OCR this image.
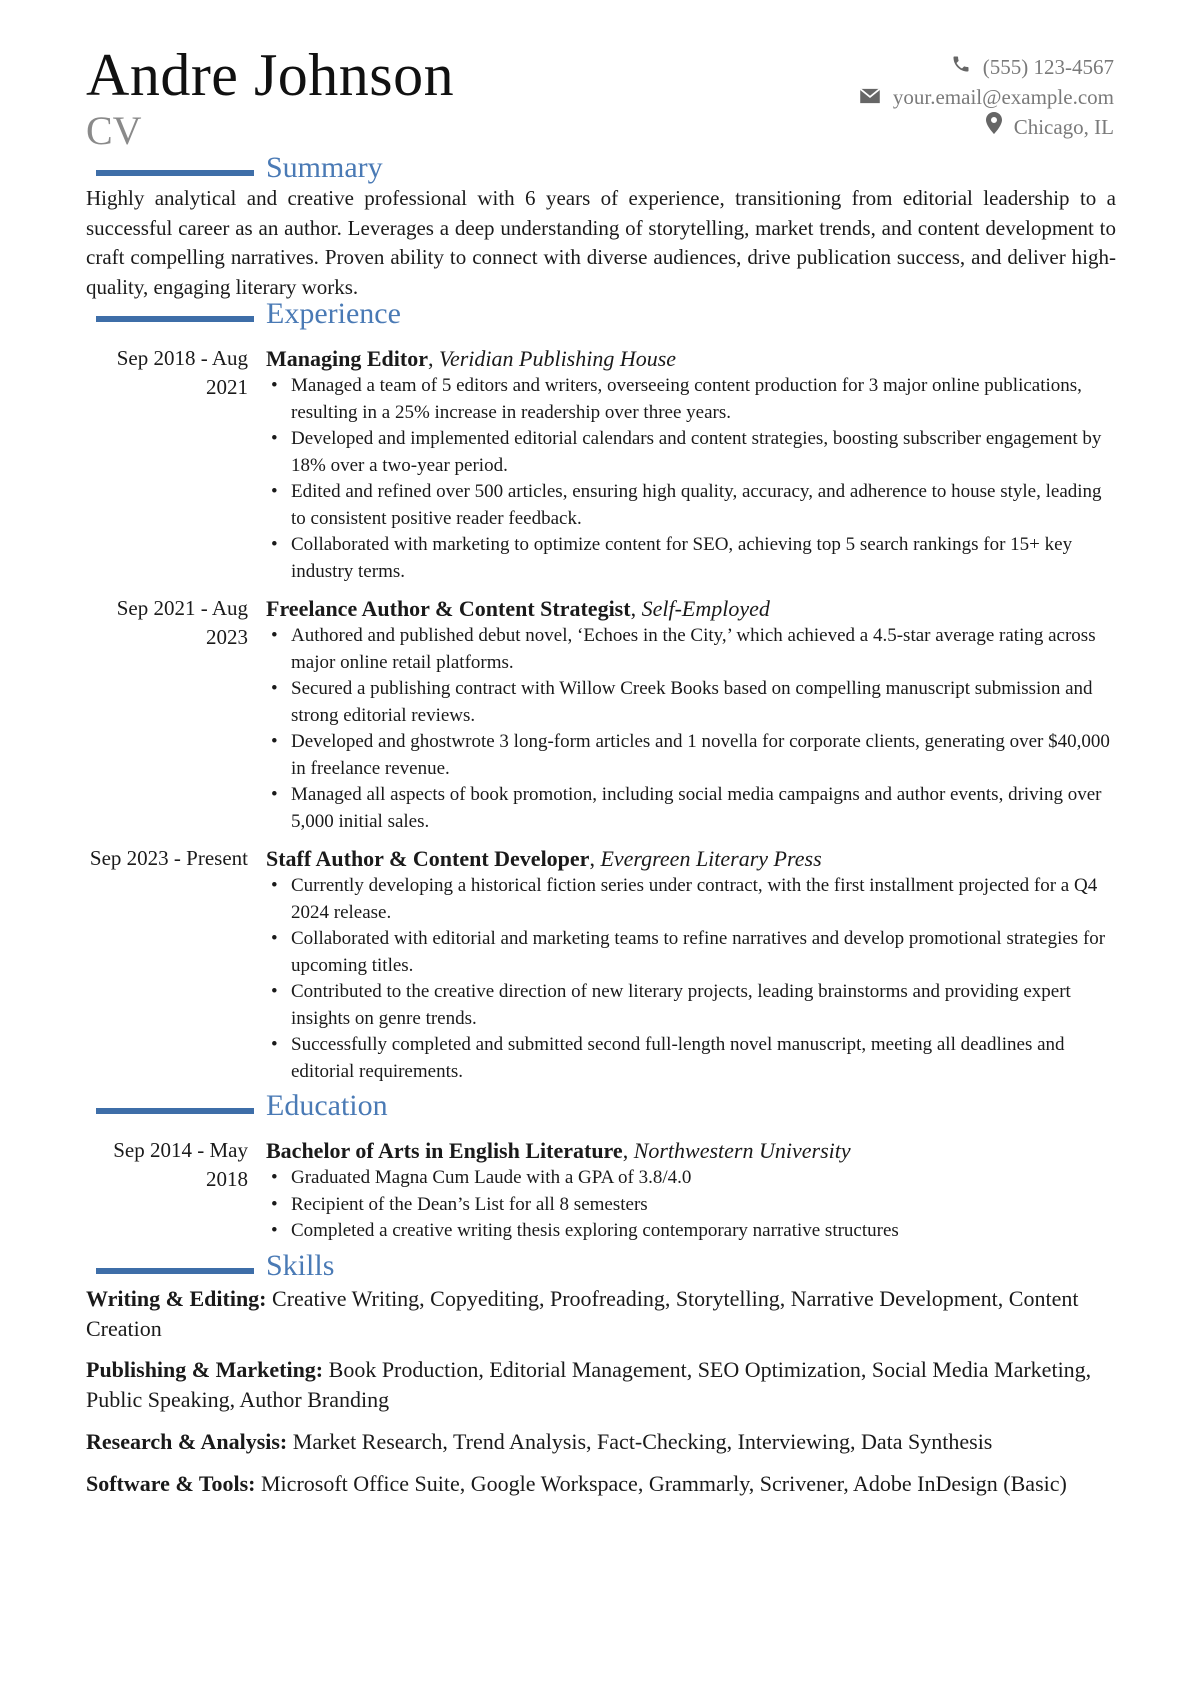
Andre Johnson
CV
(555) 123-4567
your.email@example.com
Chicago, IL
Summary
Highly analytical and creative professional with 6 years of experience, transitioning from editorial leadership to a successful career as an author. Leverages a deep understanding of storytelling, market trends, and content development to craft compelling narratives. Proven ability to connect with diverse audiences, drive publication success, and deliver high-quality, engaging literary works.
Experience
Sep 2018 - Aug 2021
Managing Editor, Veridian Publishing House
• Managed a team of 5 editors and writers, overseeing content production for 3 major online publications, resulting in a 25% increase in readership over three years.
• Developed and implemented editorial calendars and content strategies, boosting subscriber engagement by 18% over a two-year period.
• Edited and refined over 500 articles, ensuring high quality, accuracy, and adherence to house style, leading to consistent positive reader feedback.
• Collaborated with marketing to optimize content for SEO, achieving top 5 search rankings for 15+ key industry terms.
Sep 2021 - Aug 2023
Freelance Author & Content Strategist, Self-Employed
• Authored and published debut novel, ‘Echoes in the City,’ which achieved a 4.5-star average rating across major online retail platforms.
• Secured a publishing contract with Willow Creek Books based on compelling manuscript submission and strong editorial reviews.
• Developed and ghostwrote 3 long-form articles and 1 novella for corporate clients, generating over $40,000 in freelance revenue.
• Managed all aspects of book promotion, including social media campaigns and author events, driving over 5,000 initial sales.
Sep 2023 - Present Staff Author & Content Developer, Evergreen Literary Press
• Currently developing a historical fiction series under contract, with the first installment projected for a Q4 2024 release.
• Collaborated with editorial and marketing teams to refine narratives and develop promotional strategies for upcoming titles.
• Contributed to the creative direction of new literary projects, leading brainstorms and providing expert insights on genre trends.
• Successfully completed and submitted second full-length novel manuscript, meeting all deadlines and editorial requirements.
Education
Sep 2014 - May 2018
Bachelor of Arts in English Literature, Northwestern University
• Graduated Magna Cum Laude with a GPA of 3.8/4.0
• Recipient of the Dean’s List for all 8 semesters
• Completed a creative writing thesis exploring contemporary narrative structures
Skills
Writing & Editing: Creative Writing, Copyediting, Proofreading, Storytelling, Narrative Development, Content Creation
Publishing & Marketing: Book Production, Editorial Management, SEO Optimization, Social Media Marketing, Public Speaking, Author Branding
Research & Analysis: Market Research, Trend Analysis, Fact-Checking, Interviewing, Data Synthesis
Software & Tools: Microsoft Office Suite, Google Workspace, Grammarly, Scrivener, Adobe InDesign (Basic)
